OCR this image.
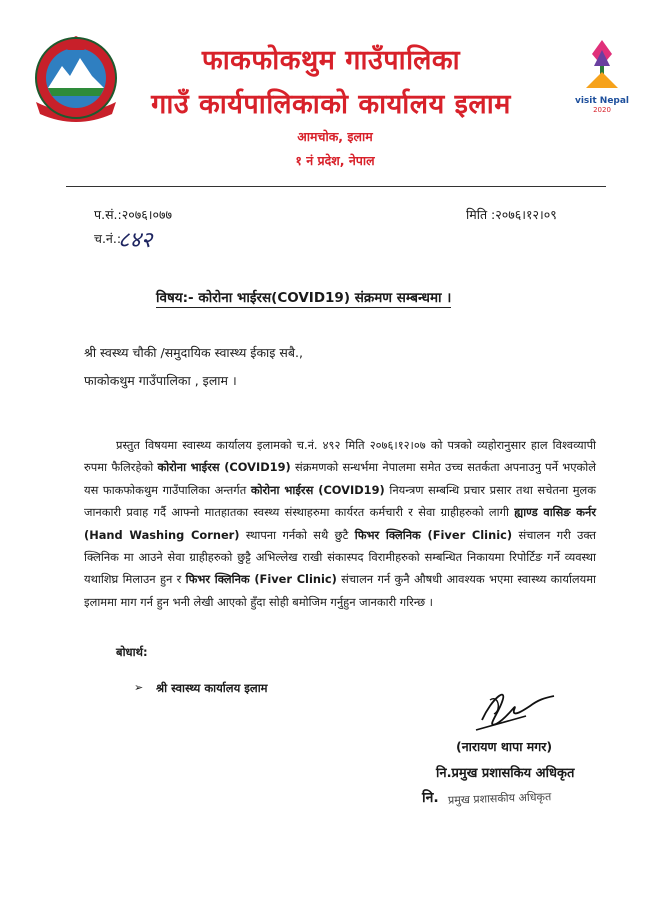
फाकफोकथुम गाउँपालिका
गाउँ कार्यपालिकाको कार्यालय इलाम
आमचोक, इलाम
१ नं प्रदेश, नेपाल
visit Nepal
2020
प.सं.:२०७६।०७७
च.नं.:
८४२
मिति :२०७६।१२।०९
विषय:- कोरोना भाईरस(COVID19) संक्रमण सम्बन्धमा ।
श्री स्वस्थ्य चौकी /समुदायिक स्वास्थ्य ईकाइ सबै.,
फाकोकथुम गाउँपालिका , इलाम ।
प्रस्तुत विषयमा स्वास्थ्य कार्यालय इलामको च.नं. ४९२ मिति २०७६।१२।०७ को पत्रको व्यहोरानुसार हाल विश्वव्यापी रुपमा फैलिरहेको कोरोना भाईरस (COVID19) संक्रमणको सन्धर्भमा नेपालमा समेत उच्च सतर्कता अपनाउनु पर्ने भएकोले यस फाकफोकथुम गाउँपालिका अन्तर्गत कोरोना भाईरस (COVID19) नियन्त्रण सम्बन्धि प्रचार प्रसार तथा सचेतना मुलक जानकारी प्रवाह गर्दै आफ्नो मातहातका स्वस्थ्य संस्थाहरुमा कार्यरत कर्मचारी र सेवा ग्राहीहरुको लागी ह्याण्ड वासिङ कर्नर (Hand Washing Corner) स्थापना गर्नको सथै छुटै फिभर क्लिनिक (Fiver Clinic) संचालन गरी उक्त क्लिनिक मा आउने सेवा ग्राहीहरुको छुट्टै अभिल्लेख राखी संकास्पद विरामीहरुको सम्बन्धित निकायमा रिपोर्टिङ गर्ने व्यवस्था यथाशिघ्र मिलाउन हुन र फिभर क्लिनिक (Fiver Clinic) संचालन गर्न कुनै औषधी आवश्यक भएमा स्वास्थ्य कार्यालयमा इलाममा माग गर्न हुन भनी लेखी आएको हुँदा सोही बमोजिम गर्नुहुन जानकारी गरिन्छ ।
बोधार्थ:
➢ श्री स्वास्थ्य कार्यालय इलाम
(नारायण थापा मगर)
नि.प्रमुख प्रशासकिय अधिकृत
नि. प्रमुख प्रशासकीय अधिकृत
